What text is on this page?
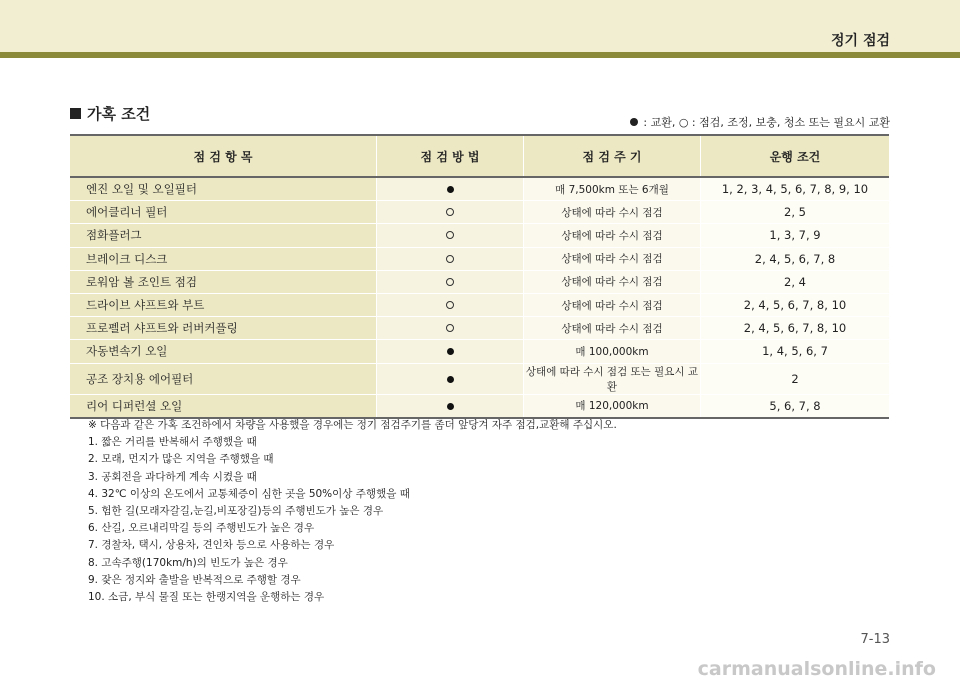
정기 점검
가혹 조건	: 교환, ○ : 점검, 조정, 보충, 청소 또는 필요시 교환
점 검 항 목	점 검 방 법	점 검 주 기	운행 조건
엔진 오일 및 오일필터		매 7,500km 또는 6개월	1, 2, 3, 4, 5, 6, 7, 8, 9, 10
에어클리너 필터		상태에 따라 수시 점검	2, 5
점화플러그		상태에 따라 수시 점검	1, 3, 7, 9
브레이크 디스크		상태에 따라 수시 점검	2, 4, 5, 6, 7, 8
로워암 볼 조인트 점검		상태에 따라 수시 점검	2, 4
드라이브 샤프트와 부트		상태에 따라 수시 점검	2, 4, 5, 6, 7, 8, 10
프로펠러 샤프트와 러버커플링		상태에 따라 수시 점검	2, 4, 5, 6, 7, 8, 10
자동변속기 오일		매 100,000km	1, 4, 5, 6, 7
공조 장치용 에어필터		상태에 따라 수시 점검 또는 필요시 교환	2
리어 디퍼런셜 오일		매 120,000km	5, 6, 7, 8
※ 다음과 같은 가혹 조건하에서 차량을 사용했을 경우에는 정기 점검주기를 좀더 앞당겨 자주 점검,교환해 주십시오.
1. 짧은 거리를 반복해서 주행했을 때
2. 모래, 먼지가 많은 지역을 주행했을 때
3. 공회전을 과다하게 계속 시켰을 때
4. 32℃ 이상의 온도에서 교통체증이 심한 곳을 50%이상 주행했을 때
5. 험한 길(모래자갈길,눈길,비포장길)등의 주행빈도가 높은 경우
6. 산길, 오르내리막길 등의 주행빈도가 높은 경우
7. 경찰차, 택시, 상용차, 견인차 등으로 사용하는 경우
8. 고속주행(170km/h)의 빈도가 높은 경우
9. 잦은 정지와 출발을 반복적으로 주행할 경우
10. 소금, 부식 물질 또는 한랭지역을 운행하는 경우
7-13
carmanualsonline.info
